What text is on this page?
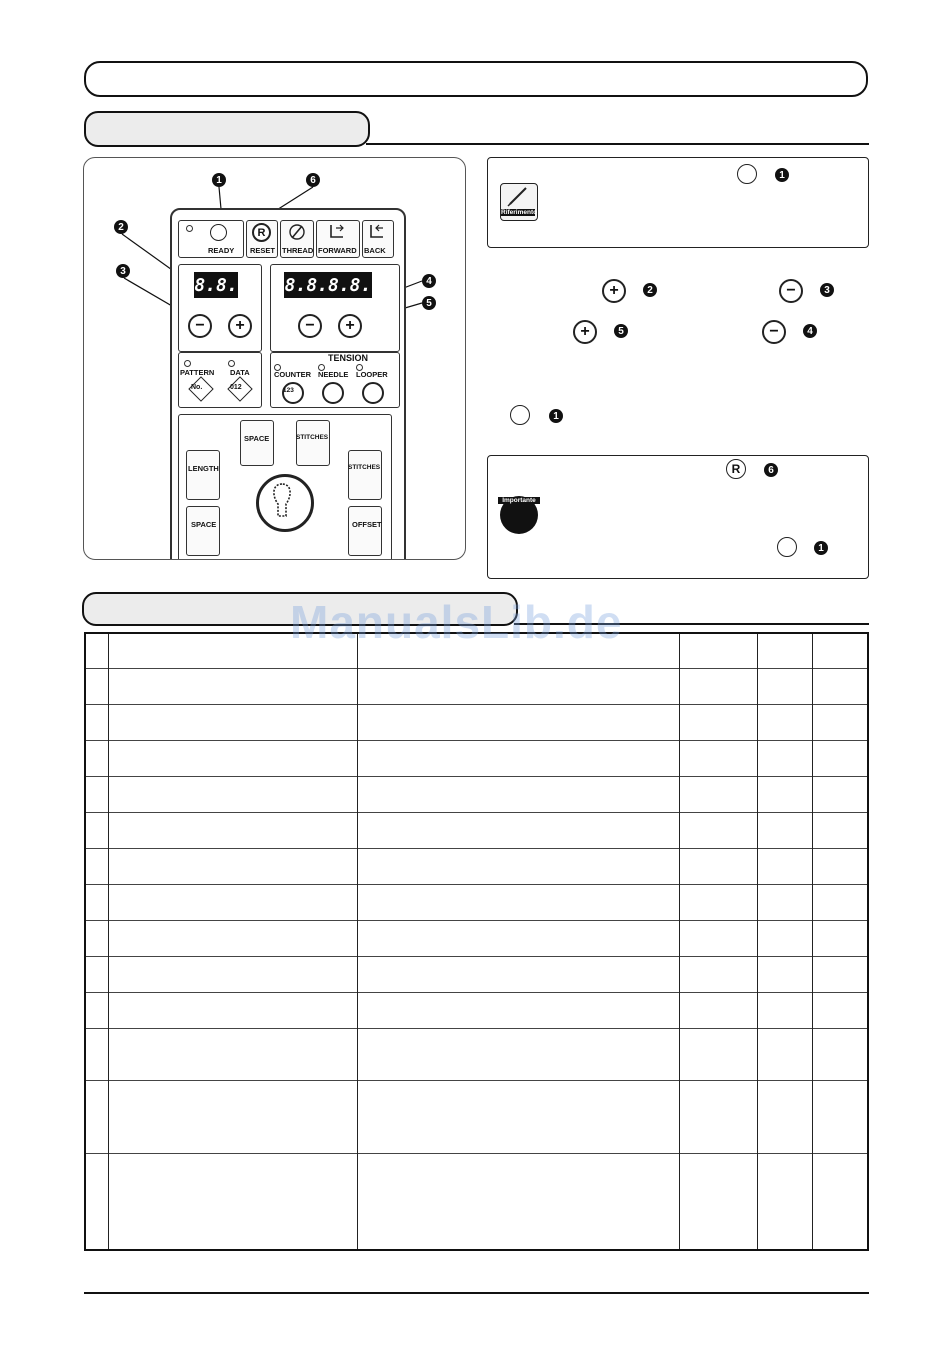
1	6
2
3
4
5
READY
R
RESET THREAD FORWARD BACK
8.8.
−	+
8.8.8.8.
−	+
PATTERN
No.
DATA
012
TENSION
COUNTER
123
NEEDLE LOOPER
SPACE	STITCHES
LENGTH	STITCHES
SPACE	OFFSET
Riferimento
1
+	2	−	3
+	5	−	4
1
Importante
R	6
1

ManualsLib.de
